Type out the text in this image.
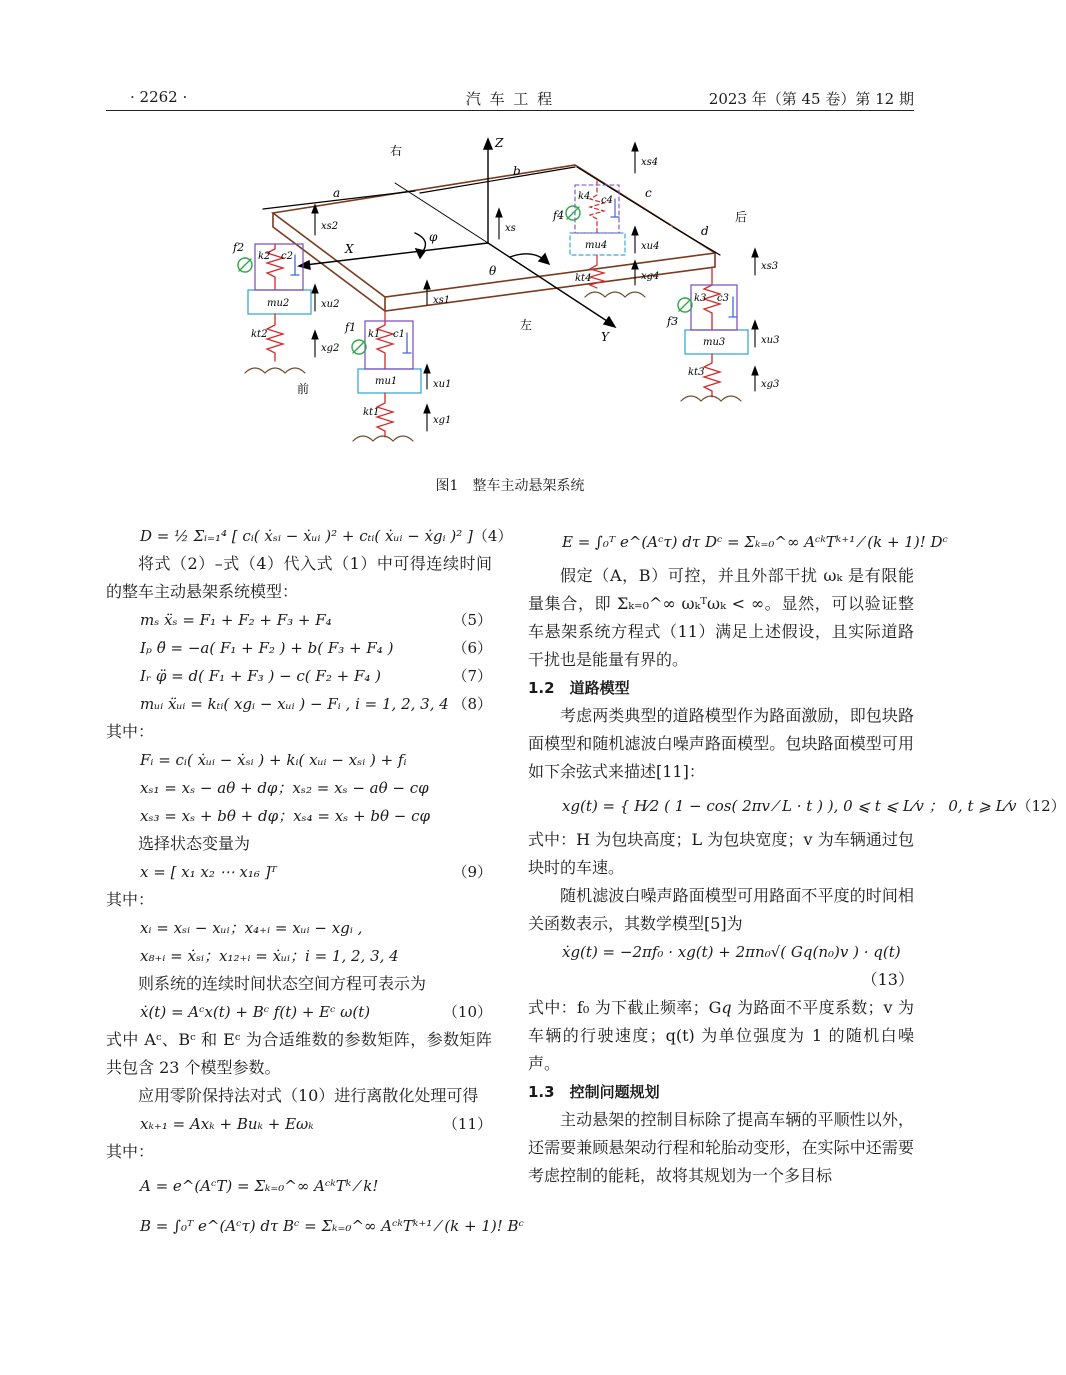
· 2262 ·	汽 车 工 程	2023 年（第 45 卷）第 12 期
右
左
后
前
Z
X
Y
φ
θ
a
b
c
d
xs
xs1
xs2
xs3
xs4
mu1
mu2
mu3
mu4
xu1
xu2
xu3
xu4
kt1
kt2
kt3
kt4
xg1
xg2
xg3
xg4
k1
k2
k3
k4
c1
c2
c3
c4
f1
f2
f3
f4
图1　整车主动悬架系统
D = ½ Σᵢ₌₁⁴ [ cᵢ( ẋₛᵢ − ẋᵤᵢ )² + cₜᵢ( ẋᵤᵢ − ẋ𝑔ᵢ )² ] （4）

将式（2）–式（4）代入式（1）中可得连续时间的整车主动悬架系统模型：

mₛ ẍₛ = F₁ + F₂ + F₃ + F₄	（5）
Iₚ θ̈ = −a( F₁ + F₂ ) + b( F₃ + F₄ )	（6）
Iᵣ φ̈ = d( F₁ + F₃ ) − c( F₂ + F₄ )	（7）
mᵤᵢ ẍᵤᵢ = kₜᵢ( x𝑔ᵢ − xᵤᵢ ) − Fᵢ , i = 1, 2, 3, 4 （8）

其中：

Fᵢ = cᵢ( ẋᵤᵢ − ẋₛᵢ ) + kᵢ( xᵤᵢ − xₛᵢ ) + fᵢ
xₛ₁ = xₛ − aθ + dφ；xₛ₂ = xₛ − aθ − cφ
xₛ₃ = xₛ + bθ + dφ；xₛ₄ = xₛ + bθ − cφ

选择状态变量为

x = [ x₁ x₂ ⋯ x₁₆ ]ᵀ	（9）

其中：

xᵢ = xₛᵢ − xᵤᵢ；x₄₊ᵢ = xᵤᵢ − x𝑔ᵢ ,
x₈₊ᵢ = ẋₛᵢ；x₁₂₊ᵢ = ẋᵤᵢ；i = 1, 2, 3, 4

则系统的连续时间状态空间方程可表示为

ẋ(t) = Aᶜx(t) + Bᶜ f(t) + Eᶜ ω(t)	（10）

式中 Aᶜ、Bᶜ 和 Eᶜ 为合适维数的参数矩阵，参数矩阵共包含 23 个模型参数。

应用零阶保持法对式（10）进行离散化处理可得

xₖ₊₁ = Axₖ + Buₖ + Eωₖ	（11）

其中：

A = e^(AᶜT) = Σₖ₌₀^∞ AᶜᵏTᵏ ⁄ k!
B = ∫₀ᵀ e^(Aᶜτ) dτ Bᶜ = Σₖ₌₀^∞ AᶜᵏTᵏ⁺¹ ⁄ (k + 1)! Bᶜ
E = ∫₀ᵀ e^(Aᶜτ) dτ Dᶜ = Σₖ₌₀^∞ AᶜᵏTᵏ⁺¹ ⁄ (k + 1)! Dᶜ

假定（A，B）可控，并且外部干扰 ωₖ 是有限能量集合，即 Σₖ₌₀^∞ ωₖᵀωₖ < ∞。显然，可以验证整车悬架系统方程式（11）满足上述假设，且实际道路干扰也是能量有界的。

1.2　道路模型

考虑两类典型的道路模型作为路面激励，即包块路面模型和随机滤波白噪声路面模型。包块路面模型可用如下余弦式来描述[11]：

x𝑔(t) = { H⁄2 ( 1 − cos( 2πv ⁄ L · t ) ), 0 ⩽ t ⩽ L⁄v ； 0, t ⩾ L⁄v （12）

式中：H 为包块高度；L 为包块宽度；v 为车辆通过包块时的车速。

随机滤波白噪声路面模型可用路面不平度的时间相关函数表示，其数学模型[5]为

ẋ𝑔(t) = −2πf₀ · x𝑔(t) + 2πn₀√( G𝑞(n₀)v ) · q(t)
（13）

式中：f₀ 为下截止频率；G𝑞 为路面不平度系数；v 为车辆的行驶速度；q(t) 为单位强度为 1 的随机白噪声。

1.3　控制问题规划

主动悬架的控制目标除了提高车辆的平顺性以外，还需要兼顾悬架动行程和轮胎动变形，在实际中还需要考虑控制的能耗，故将其规划为一个多目标
